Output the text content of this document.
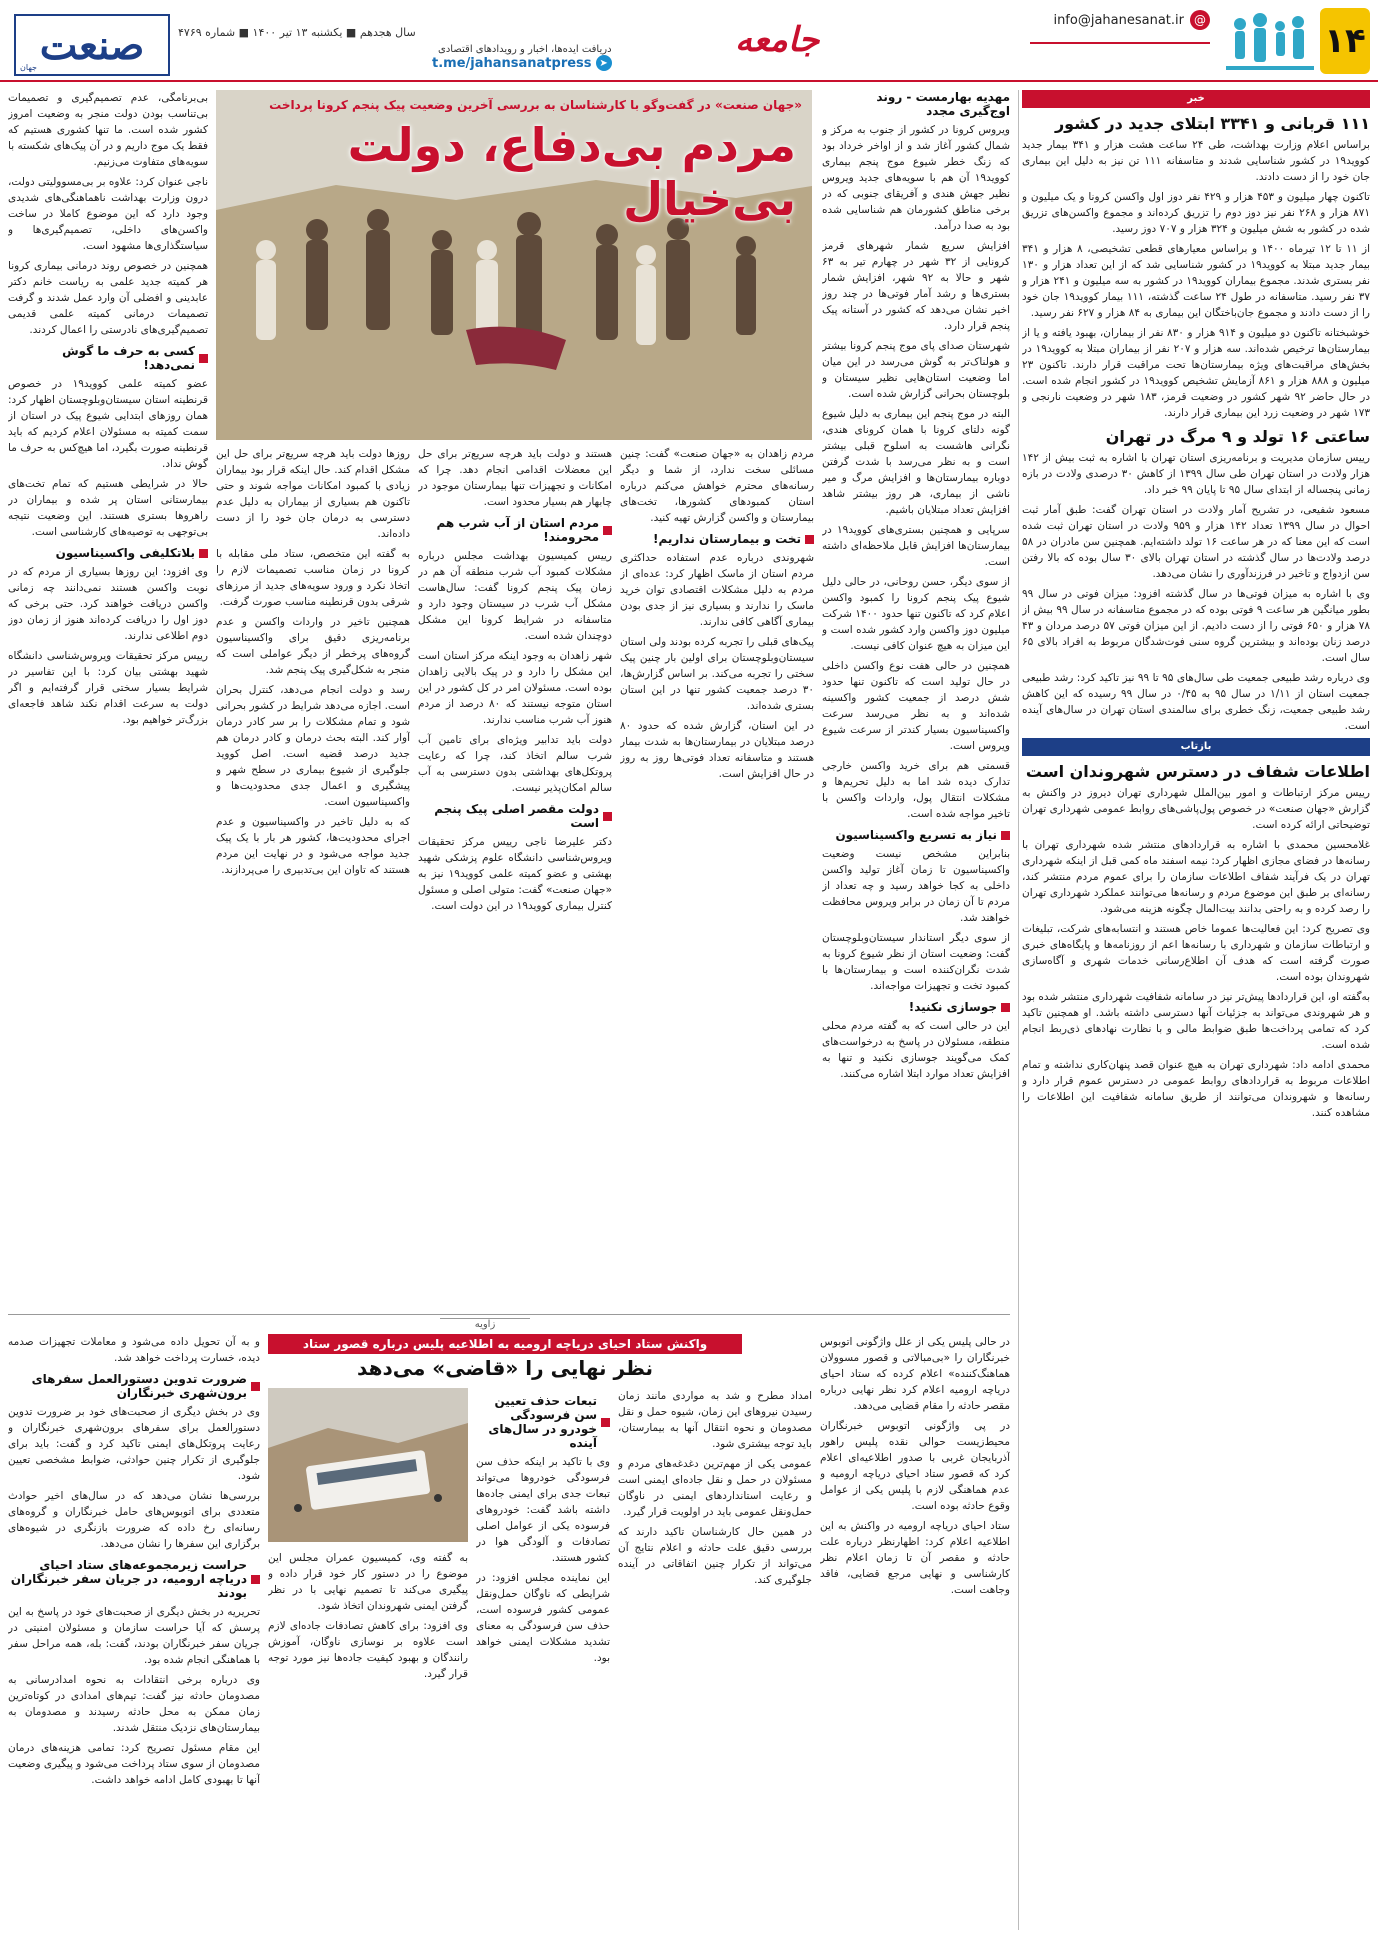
۱۴
info@jahanesanat.ir @
جامعه
دریافت ایده‌ها، اخبار و رویدادهای اقتصادی
t.me/jahansanatpress ➤
سال هجدهم ■ یکشنبه ۱۳ تیر ۱۴۰۰ ■ شماره ۴۷۶۹
صنعت
جهان
خبر
۱۱۱ قربانی و ۳۳۴۱ ابتلای جدید در کشور

براساس اعلام وزارت بهداشت، طی ۲۴ ساعت هشت هزار و ۳۴۱ بیمار جدید کووید۱۹ در کشور شناسایی شدند و متاسفانه ۱۱۱ تن نیز به دلیل این بیماری جان خود را از دست دادند.

تاکنون چهار میلیون و ۴۵۳ هزار و ۴۲۹ نفر دوز اول واکسن کرونا و یک میلیون و ۸۷۱ هزار و ۲۶۸ نفر نیز دوز دوم را تزریق کرده‌اند و مجموع واکسن‌های تزریق شده در کشور به شش میلیون و ۳۲۴ هزار و ۷۰۷ دوز رسید.

از ۱۱ تا ۱۲ تیرماه ۱۴۰۰ و براساس معیارهای قطعی تشخیصی، ۸ هزار و ۳۴۱ بیمار جدید مبتلا به کووید۱۹ در کشور شناسایی شد که از این تعداد هزار و ۱۳۰ نفر بستری شدند. مجموع بیماران کووید۱۹ در کشور به سه میلیون و ۲۴۱ هزار و ۳۷ نفر رسید. متاسفانه در طول ۲۴ ساعت گذشته، ۱۱۱ بیمار کووید۱۹ جان خود را از دست دادند و مجموع جان‌باختگان این بیماری به ۸۴ هزار و ۶۲۷ نفر رسید.

خوشبختانه تاکنون دو میلیون و ۹۱۴ هزار و ۸۳۰ نفر از بیماران، بهبود یافته و یا از بیمارستان‌ها ترخیص شده‌اند. سه هزار و ۲۰۷ نفر از بیماران مبتلا به کووید۱۹ در بخش‌های مراقبت‌های ویژه بیمارستان‌ها تحت مراقبت قرار دارند. تاکنون ۲۳ میلیون و ۸۸۸ هزار و ۸۶۱ آزمایش تشخیص کووید۱۹ در کشور انجام شده است. در حال حاضر ۹۲ شهر کشور در وضعیت قرمز، ۱۸۳ شهر در وضعیت نارنجی و ۱۷۳ شهر در وضعیت زرد این بیماری قرار دارند.

ساعتی ۱۶ تولد و ۹ مرگ در تهران

رییس سازمان مدیریت و برنامه‌ریزی استان تهران با اشاره به ثبت بیش از ۱۴۲ هزار ولادت در استان تهران طی سال ۱۳۹۹ از کاهش ۳۰ درصدی ولادت در بازه زمانی پنجساله از ابتدای سال ۹۵ تا پایان ۹۹ خبر داد.

مسعود شفیعی، در تشریح آمار ولادت در استان تهران گفت: طبق آمار ثبت احوال در سال ۱۳۹۹ تعداد ۱۴۲ هزار و ۹۵۹ ولادت در استان تهران ثبت شده است که این معنا که در هر ساعت ۱۶ تولد داشته‌ایم. همچنین سن مادران در ۵۸ درصد ولادت‌ها در سال گذشته در استان تهران بالای ۳۰ سال بوده که بالا رفتن سن ازدواج و تاخیر در فرزندآوری را نشان می‌دهد.

وی با اشاره به میزان فوتی‌ها در سال گذشته افزود: میزان فوتی در سال ۹۹ بطور میانگین هر ساعت ۹ فوتی بوده که در مجموع متاسفانه در سال ۹۹ بیش از ۷۸ هزار و ۶۵۰ فوتی را از دست دادیم. از این میزان فوتی ۵۷ درصد مردان و ۴۳ درصد زنان بوده‌اند و بیشترین گروه سنی فوت‌شدگان مربوط به افراد بالای ۶۵ سال است.

وی درباره رشد طبیعی جمعیت طی سال‌های ۹۵ تا ۹۹ نیز تاکید کرد: رشد طبیعی جمعیت استان از ۱/۱۱ در سال ۹۵ به ۰/۴۵ در سال ۹۹ رسیده که این کاهش رشد طبیعی جمعیت، زنگ خطری برای سالمندی استان تهران در سال‌های آینده است.

بازتاب
اطلاعات شفاف در دسترس شهروندان است

رییس مرکز ارتباطات و امور بین‌الملل شهرداری تهران دیروز در واکنش به گزارش «جهان صنعت» در خصوص پول‌پاشی‌های روابط عمومی شهرداری تهران توضیحاتی ارائه کرده است.

غلامحسین محمدی با اشاره به قراردادهای منتشر شده شهرداری تهران با رسانه‌ها در فضای مجازی اظهار کرد: نیمه اسفند ماه کمی قبل از اینکه شهرداری تهران در یک فرآیند شفاف اطلاعات سازمان را برای عموم مردم منتشر کند، رسانه‌ای بر طبق این موضوع مردم و رسانه‌ها می‌توانند عملکرد شهرداری تهران را رصد کرده و به راحتی بدانند بیت‌المال چگونه هزینه می‌شود.

وی تصریح کرد: این فعالیت‌ها عموما خاص هستند و انتسابه‌های شرکت، تبلیغات و ارتباطات سازمان و شهرداری با رسانه‌ها اعم از روزنامه‌ها و پایگاه‌های خبری صورت گرفته است که هدف آن اطلاع‌رسانی خدمات شهری و آگاه‌سازی شهروندان بوده است.

به‌گفته او، این قراردادها پیش‌تر نیز در سامانه شفافیت شهرداری منتشر شده بود و هر شهروندی می‌تواند به جزئیات آنها دسترسی داشته باشد. او همچنین تاکید کرد که تمامی پرداخت‌ها طبق ضوابط مالی و با نظارت نهادهای ذی‌ربط انجام شده است.

محمدی ادامه داد: شهرداری تهران به هیچ عنوان قصد پنهان‌کاری نداشته و تمام اطلاعات مربوط به قراردادهای روابط عمومی در دسترس عموم قرار دارد و رسانه‌ها و شهروندان می‌توانند از طریق سامانه شفافیت این اطلاعات را مشاهده کنند.

«جهان صنعت» در گفت‌وگو با کارشناسان به بررسی آخرین وضعیت پیک پنجم کرونا پرداخت
مردم بی‌دفاع، دولت بی‌خیال
مهدیه بهارمست - روند اوج‌گیری مجدد

ویروس کرونا در کشور از جنوب به مرکز و شمال کشور آغاز شد و از اواخر خرداد بود که زنگ خطر شیوع موج پنجم بیماری کووید۱۹ آن هم با سویه‌های جدید ویروس نظیر جهش هندی و آفریقای جنوبی که در برخی مناطق کشورمان هم شناسایی شده بود به صدا درآمد.

افزایش سریع شمار شهرهای قرمز کرونایی از ۳۲ شهر در چهارم تیر به ۶۳ شهر و حالا به ۹۲ شهر، افزایش شمار بستری‌ها و رشد آمار فوتی‌ها در چند روز اخیر نشان می‌دهد که کشور در آستانه پیک پنجم قرار دارد.

شهرستان صدای پای موج پنجم کرونا بیشتر و هولناک‌تر به گوش می‌رسد در این میان اما وضعیت استان‌هایی نظیر سیستان و بلوچستان بحرانی گزارش شده است.

البته در موج پنجم این بیماری به دلیل شیوع گونه دلتای کرونا با همان کرونای هندی، نگرانی هاشست به اسلوح قبلی بیشتر است و به نظر می‌رسد با شدت گرفتن دوباره بیمارستان‌ها و افزایش مرگ و میر ناشی از بیماری، هر روز بیشتر شاهد افزایش تعداد مبتلایان باشیم.

سرپایی و همچنین بستری‌های کووید۱۹ در بیمارستان‌ها افزایش قابل ملاحظه‌ای داشته است.

از سوی دیگر، حسن روحانی، در حالی دلیل شیوع پیک پنجم کرونا را کمبود واکسن اعلام کرد که تاکنون تنها حدود ۱۴۰۰ شرکت میلیون دوز واکسن وارد کشور شده است و این میزان به هیچ عنوان کافی نیست.

همچنین در حالی هفت نوع واکسن داخلی در حال تولید است که تاکنون تنها حدود شش درصد از جمعیت کشور واکسینه شده‌اند و به نظر می‌رسد سرعت واکسیناسیون بسیار کندتر از سرعت شیوع ویروس است.

قسمتی هم برای خرید واکسن خارجی تدارک دیده شد اما به دلیل تحریم‌ها و مشکلات انتقال پول، واردات واکسن با تاخیر مواجه شده است.

نیاز به تسریع واکسیناسیون

بنابراین مشخص نیست وضعیت واکسیناسیون تا زمان آغاز تولید واکسن داخلی به کجا خواهد رسید و چه تعداد از مردم تا آن زمان در برابر ویروس محافظت خواهند شد.

از سوی دیگر استاندار سیستان‌وبلوچستان گفت: وضعیت استان از نظر شیوع کرونا به شدت نگران‌کننده است و بیمارستان‌ها با کمبود تخت و تجهیزات مواجه‌اند.

جوسازی نکنید!

این در حالی است که به گفته مردم محلی منطقه، مسئولان در پاسخ به درخواست‌های کمک می‌گویند جوسازی نکنید و تنها به افزایش تعداد موارد ابتلا اشاره می‌کنند.

مردم زاهدان به «جهان صنعت» گفت: چنین مسائلی سخت ندارد، از شما و دیگر رسانه‌های محترم خواهش می‌کنم درباره استان کمبودهای کشورها، تخت‌های بیمارستان و واکسن گزارش تهیه کنید.

تخت و بیمارستان نداریم!

شهروندی درباره عدم استفاده حداکثری مردم استان از ماسک اظهار کرد: عده‌ای از مردم به دلیل مشکلات اقتصادی توان خرید ماسک را ندارند و بسیاری نیز از جدی بودن بیماری آگاهی کافی ندارند.

پیک‌های قبلی را تجربه کرده بودند ولی استان سیستان‌وبلوچستان برای اولین بار چنین پیک سختی را تجربه می‌کند. بر اساس گزارش‌ها، ۳۰ درصد جمعیت کشور تنها در این استان بستری شده‌اند.

در این استان، گزارش شده که حدود ۸۰ درصد مبتلایان در بیمارستان‌ها به شدت بیمار هستند و متاسفانه تعداد فوتی‌ها روز به روز در حال افزایش است.

هستند و دولت باید هرچه سریع‌تر برای حل این معضلات اقدامی انجام دهد. چرا که امکانات و تجهیزات تنها بیمارستان موجود در چابهار هم بسیار محدود است.

مردم استان از آب شرب هم محرومند!

رییس کمیسیون بهداشت مجلس درباره مشکلات کمبود آب شرب منطقه آن هم در زمان پیک پنجم کرونا گفت: سال‌هاست مشکل آب شرب در سیستان وجود دارد و متاسفانه در شرایط کرونا این مشکل دوچندان شده است.

شهر زاهدان به وجود اینکه مرکز استان است این مشکل را دارد و در پیک بالایی زاهدان بوده است. مسئولان امر در کل کشور در این استان متوجه نیستند که ۸۰ درصد از مردم هنوز آب شرب مناسب ندارند.

دولت باید تدابیر ویژه‌ای برای تامین آب شرب سالم اتخاذ کند، چرا که رعایت پروتکل‌های بهداشتی بدون دسترسی به آب سالم امکان‌پذیر نیست.

دولت مقصر اصلی پیک پنجم است

دکتر علیرضا ناجی رییس مرکز تحقیقات ویروس‌شناسی دانشگاه علوم پزشکی شهید بهشتی و عضو کمیته علمی کووید۱۹ نیز به «جهان صنعت» گفت: متولی اصلی و مسئول کنترل بیماری کووید۱۹ در این دولت است.

روزها دولت باید هرچه سریع‌تر برای حل این مشکل اقدام کند. حال اینکه قرار بود بیماران زیادی با کمبود امکانات مواجه شوند و حتی تاکنون هم بسیاری از بیماران به دلیل عدم دسترسی به درمان جان خود را از دست داده‌اند.

به گفته این متخصص، ستاد ملی مقابله با کرونا در زمان مناسب تصمیمات لازم را اتخاذ نکرد و ورود سویه‌های جدید از مرزهای شرقی بدون قرنطینه مناسب صورت گرفت.

همچنین تاخیر در واردات واکسن و عدم برنامه‌ریزی دقیق برای واکسیناسیون گروه‌های پرخطر از دیگر عواملی است که منجر به شکل‌گیری پیک پنجم شد.

رسد و دولت انجام می‌دهد، کنترل بحران است. اجازه می‌دهد شرایط در کشور بحرانی شود و تمام مشکلات را بر سر کادر درمان آوار کند. البته بحث درمان و کادر درمان هم جدید درصد قضیه است. اصل کووید جلوگیری از شیوع بیماری در سطح شهر و پیشگیری و اعمال جدی محدودیت‌ها و واکسیناسیون است.

که به دلیل تاخیر در واکسیناسیون و عدم اجرای محدودیت‌ها، کشور هر بار با یک پیک جدید مواجه می‌شود و در نهایت این مردم هستند که تاوان این بی‌تدبیری را می‌پردازند.

بی‌برنامگی، عدم تصمیم‌گیری و تصمیمات بی‌تناسب بودن دولت منجر به وضعیت امروز کشور شده است. ما تنها کشوری هستیم که فقط یک موج داریم و در آن پیک‌های شکسته با سویه‌های متفاوت می‌زنیم.

ناجی عنوان کرد: علاوه بر بی‌مسوولیتی دولت، درون وزارت بهداشت ناهماهنگی‌های شدیدی وجود دارد که این موضوع کاملا در ساخت واکسن‌های داخلی، تصمیم‌گیری‌ها و سیاستگذاری‌ها مشهود است.

همچنین در خصوص روند درمانی بیماری کرونا هر کمیته جدید علمی به ریاست خانم دکتر عابدینی و افضلی آن وارد عمل شدند و گرفت تصمیمات درمانی کمیته علمی قدیمی تصمیم‌گیری‌های نادرستی را اعمال کردند.

کسی به حرف ما گوش نمی‌دهد!

عضو کمیته علمی کووید۱۹ در خصوص قرنطینه استان سیستان‌وبلوچستان اظهار کرد: همان روزهای ابتدایی شیوع پیک در استان از سمت کمیته به مسئولان اعلام کردیم که باید قرنطینه صورت بگیرد، اما هیچ‌کس به حرف ما گوش نداد.

حالا در شرایطی هستیم که تمام تخت‌های بیمارستانی استان پر شده و بیماران در راهروها بستری هستند. این وضعیت نتیجه بی‌توجهی به توصیه‌های کارشناسی است.

بلاتکلیفی واکسیناسیون

وی افزود: این روزها بسیاری از مردم که در نوبت واکسن هستند نمی‌دانند چه زمانی واکسن دریافت خواهند کرد. حتی برخی که دوز اول را دریافت کرده‌اند هنوز از زمان دوز دوم اطلاعی ندارند.

رییس مرکز تحقیقات ویروس‌شناسی دانشگاه شهید بهشتی بیان کرد: با این تفاسیر در شرایط بسیار سختی قرار گرفته‌ایم و اگر دولت به سرعت اقدام نکند شاهد فاجعه‌ای بزرگ‌تر خواهیم بود.

زاویه
واکنش ستاد احیای دریاچه ارومیه به اطلاعیه پلیس درباره قصور ستاد
نظر نهایی را «قاضی» می‌دهد

در حالی پلیس یکی از علل واژگونی اتوبوس خبرنگاران را «بی‌مبالاتی و قصور مسوولان هماهنگ‌کننده» اعلام کرده که ستاد احیای دریاچه ارومیه اعلام کرد نظر نهایی درباره مقصر حادثه را مقام قضایی می‌دهد.

در پی واژگونی اتوبوس خبرنگاران محیط‌زیست حوالی نقده پلیس راهور آذربایجان غربی با صدور اطلاعیه‌ای اعلام کرد که قصور ستاد احیای دریاچه ارومیه و عدم هماهنگی لازم با پلیس یکی از عوامل وقوع حادثه بوده است.

ستاد احیای دریاچه ارومیه در واکنش به این اطلاعیه اعلام کرد: اظهارنظر درباره علت حادثه و مقصر آن تا زمان اعلام نظر کارشناسی و نهایی مرجع قضایی، فاقد وجاهت است.

امداد مطرح و شد به مواردی مانند زمان رسیدن نیروهای این زمان، شیوه حمل و نقل مصدومان و نحوه انتقال آنها به بیمارستان، باید توجه بیشتری شود.

عمومی یکی از مهم‌ترین دغدغه‌های مردم و مسئولان در حمل و نقل جاده‌ای ایمنی است و رعایت استانداردهای ایمنی در ناوگان حمل‌ونقل عمومی باید در اولویت قرار گیرد.

در همین حال کارشناسان تاکید دارند که بررسی دقیق علت حادثه و اعلام نتایج آن می‌تواند از تکرار چنین اتفاقاتی در آینده جلوگیری کند.

تبعات حذف تعیین سن فرسودگی خودرو در سال‌های آینده

وی با تاکید بر اینکه حذف سن فرسودگی خودروها می‌تواند تبعات جدی برای ایمنی جاده‌ها داشته باشد گفت: خودروهای فرسوده یکی از عوامل اصلی تصادفات و آلودگی هوا در کشور هستند.

این نماینده مجلس افزود: در شرایطی که ناوگان حمل‌ونقل عمومی کشور فرسوده است، حذف سن فرسودگی به معنای تشدید مشکلات ایمنی خواهد بود.

به گفته وی، کمیسیون عمران مجلس این موضوع را در دستور کار خود قرار داده و پیگیری می‌کند تا تصمیم نهایی با در نظر گرفتن ایمنی شهروندان اتخاذ شود.

وی افزود: برای کاهش تصادفات جاده‌ای لازم است علاوه بر نوسازی ناوگان، آموزش رانندگان و بهبود کیفیت جاده‌ها نیز مورد توجه قرار گیرد.

و به آن تحویل داده می‌شود و معاملات تجهیزات صدمه دیده، خسارت پرداخت خواهد شد.

ضرورت تدوین دستورالعمل سفرهای برون‌شهری خبرنگاران

وی در بخش دیگری از صحبت‌های خود بر ضرورت تدوین دستورالعمل برای سفرهای برون‌شهری خبرنگاران و رعایت پروتکل‌های ایمنی تاکید کرد و گفت: باید برای جلوگیری از تکرار چنین حوادثی، ضوابط مشخصی تعیین شود.

بررسی‌ها نشان می‌دهد که در سال‌های اخیر حوادث متعددی برای اتوبوس‌های حامل خبرنگاران و گروه‌های رسانه‌ای رخ داده که ضرورت بازنگری در شیوه‌های برگزاری این سفرها را نشان می‌دهد.

حراست زیرمجموعه‌های ستاد احیای دریاچه ارومیه، در جریان سفر خبرنگاران بودند

تحریریه در بخش دیگری از صحبت‌های خود در پاسخ به این پرسش که آیا حراست سازمان و مسئولان امنیتی در جریان سفر خبرنگاران بودند، گفت: بله، همه مراحل سفر با هماهنگی انجام شده بود.

وی درباره برخی انتقادات به نحوه امدادرسانی به مصدومان حادثه نیز گفت: تیم‌های امدادی در کوتاه‌ترین زمان ممکن به محل حادثه رسیدند و مصدومان به بیمارستان‌های نزدیک منتقل شدند.

این مقام مسئول تصریح کرد: تمامی هزینه‌های درمان مصدومان از سوی ستاد پرداخت می‌شود و پیگیری وضعیت آنها تا بهبودی کامل ادامه خواهد داشت.
